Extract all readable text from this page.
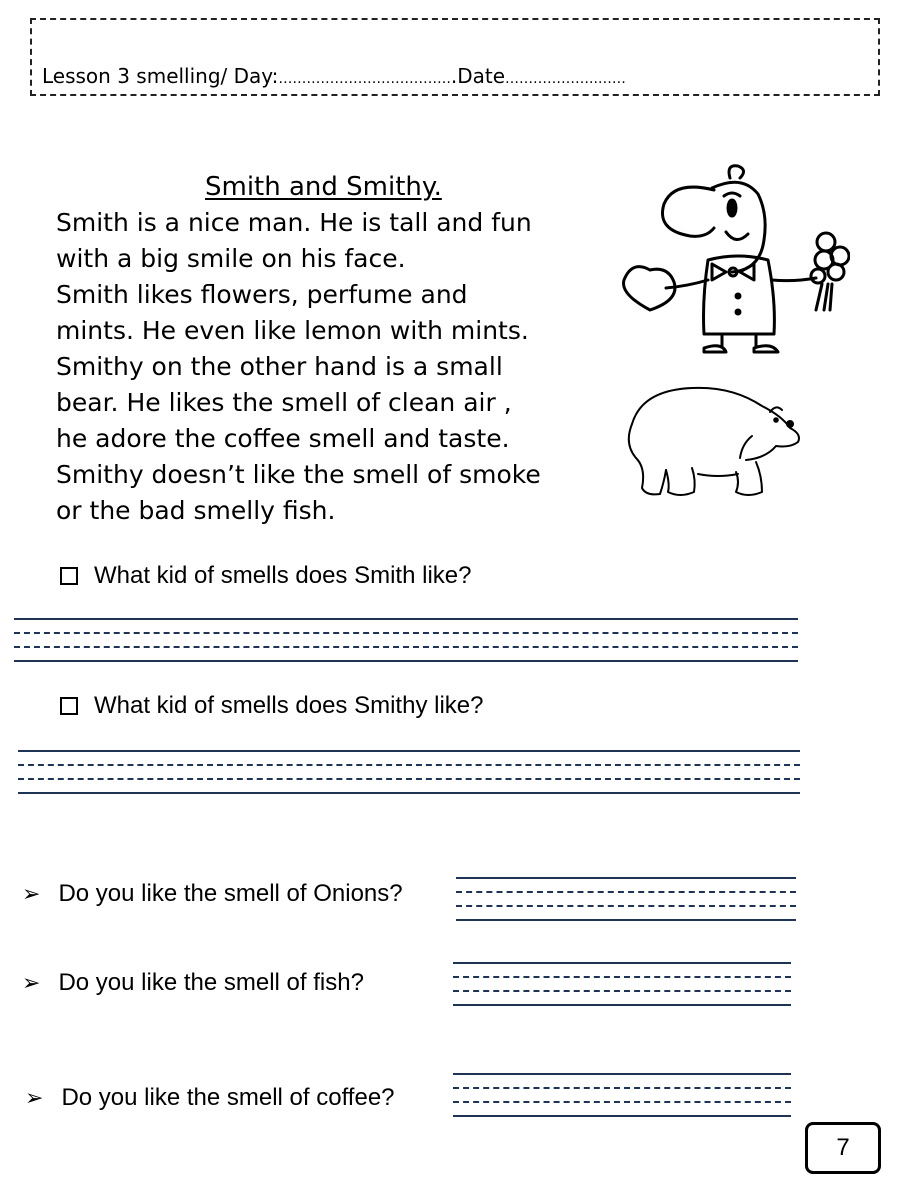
Lesson 3 smelling/ Day:………………………………..Date………………..……
Smith and Smithy.
Smith is a nice man. He is tall and fun
with a big smile on his face.
Smith likes flowers, perfume and
mints. He even like lemon with mints.
Smithy on the other hand is a small
bear. He likes the smell of clean air ,
he adore the coffee smell and taste.
Smithy doesn’t like the smell of smoke
or the bad smelly fish.
What kid of smells does Smith like?
What kid of smells does Smithy like?
➢ Do you like the smell of Onions?
➢ Do you like the smell of fish?
➢ Do you like the smell of coffee?
7
